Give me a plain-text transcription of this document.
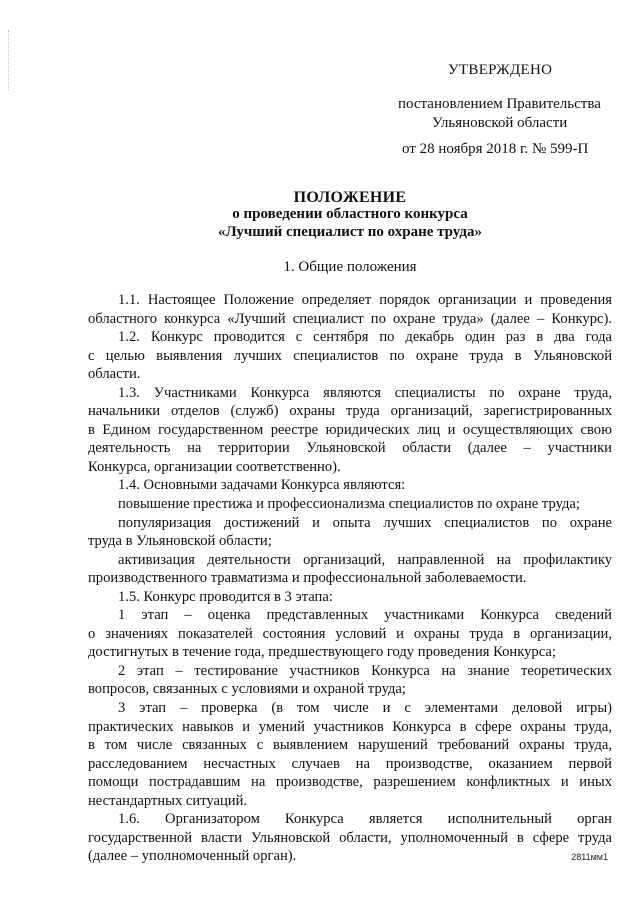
УТВЕРЖДЕНО
постановлением Правительства
Ульяновской области
от 28 ноября 2018 г. № 599-П
ПОЛОЖЕНИЕ
о проведении областного конкурса
«Лучший специалист по охране труда»
1. Общие положения
1.1. Настоящее Положение определяет порядок организации и проведения
областного конкурса «Лучший специалист по охране труда» (далее – Конкурс).
1.2. Конкурс проводится с сентября по декабрь один раз в два года
с целью выявления лучших специалистов по охране труда в Ульяновской
области.
1.3. Участниками Конкурса являются специалисты по охране труда,
начальники отделов (служб) охраны труда организаций, зарегистрированных
в Едином государственном реестре юридических лиц и осуществляющих свою
деятельность на территории Ульяновской области (далее – участники
Конкурса, организации соответственно).
1.4. Основными задачами Конкурса являются:
повышение престижа и профессионализма специалистов по охране труда;
популяризация достижений и опыта лучших специалистов по охране
труда в Ульяновской области;
активизация деятельности организаций, направленной на профилактику
производственного травматизма и профессиональной заболеваемости.
1.5. Конкурс проводится в 3 этапа:
1 этап – оценка представленных участниками Конкурса сведений
о значениях показателей состояния условий и охраны труда в организации,
достигнутых в течение года, предшествующего году проведения Конкурса;
2 этап – тестирование участников Конкурса на знание теоретических
вопросов, связанных с условиями и охраной труда;
3 этап – проверка (в том числе и с элементами деловой игры)
практических навыков и умений участников Конкурса в сфере охраны труда,
в том числе связанных с выявлением нарушений требований охраны труда,
расследованием несчастных случаев на производстве, оказанием первой
помощи пострадавшим на производстве, разрешением конфликтных и иных
нестандартных ситуаций.
1.6. Организатором Конкурса является исполнительный орган
государственной власти Ульяновской области, уполномоченный в сфере труда
(далее – уполномоченный орган).	2811мм1
